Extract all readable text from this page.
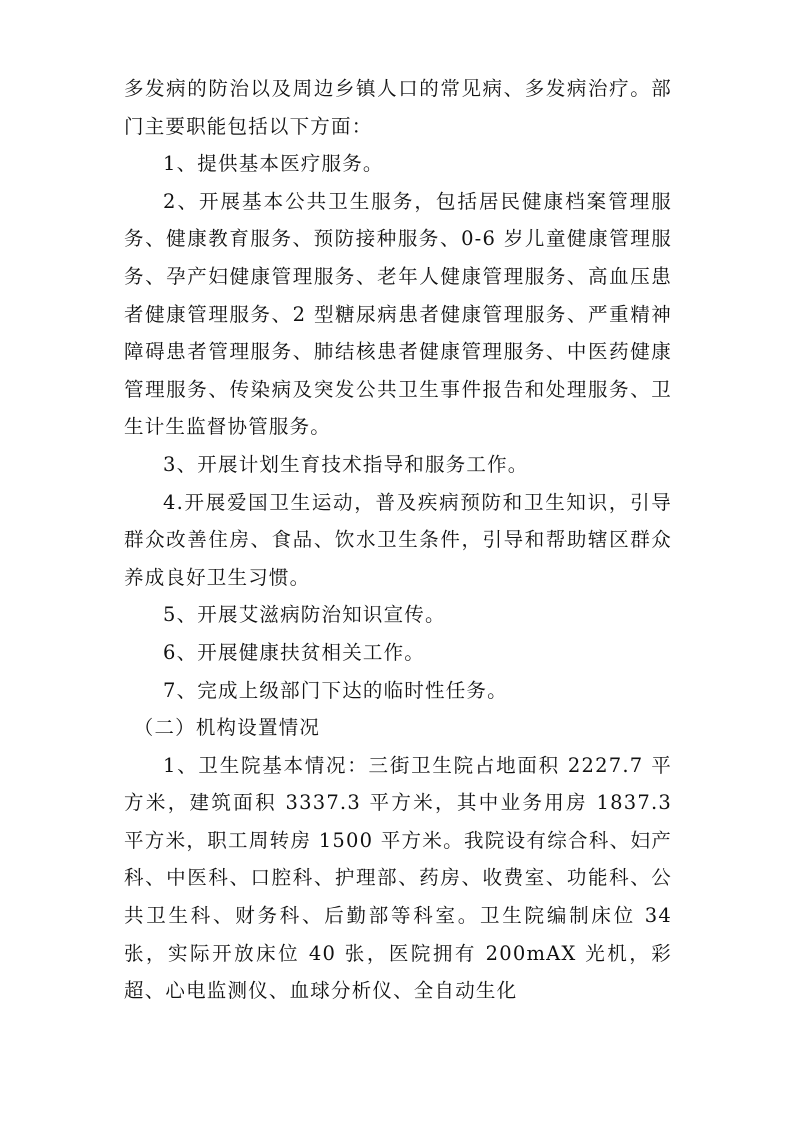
多发病的防治以及周边乡镇人口的常见病、多发病治疗。部门主要职能包括以下方面：

1、提供基本医疗服务。

2、开展基本公共卫生服务，包括居民健康档案管理服务、健康教育服务、预防接种服务、0-6 岁儿童健康管理服务、孕产妇健康管理服务、老年人健康管理服务、高血压患者健康管理服务、2 型糖尿病患者健康管理服务、严重精神障碍患者管理服务、肺结核患者健康管理服务、中医药健康管理服务、传染病及突发公共卫生事件报告和处理服务、卫生计生监督协管服务。

3、开展计划生育技术指导和服务工作。

4.开展爱国卫生运动，普及疾病预防和卫生知识，引导群众改善住房、食品、饮水卫生条件，引导和帮助辖区群众养成良好卫生习惯。

5、开展艾滋病防治知识宣传。

6、开展健康扶贫相关工作。

7、完成上级部门下达的临时性任务。

（二）机构设置情况

1、卫生院基本情况：三街卫生院占地面积 2227.7 平方米，建筑面积 3337.3 平方米，其中业务用房 1837.3 平方米，职工周转房 1500 平方米。我院设有综合科、妇产科、中医科、口腔科、护理部、药房、收费室、功能科、公共卫生科、财务科、后勤部等科室。卫生院编制床位 34 张，实际开放床位 40 张，医院拥有 200mAX 光机，彩超、心电监测仪、血球分析仪、全自动生化
